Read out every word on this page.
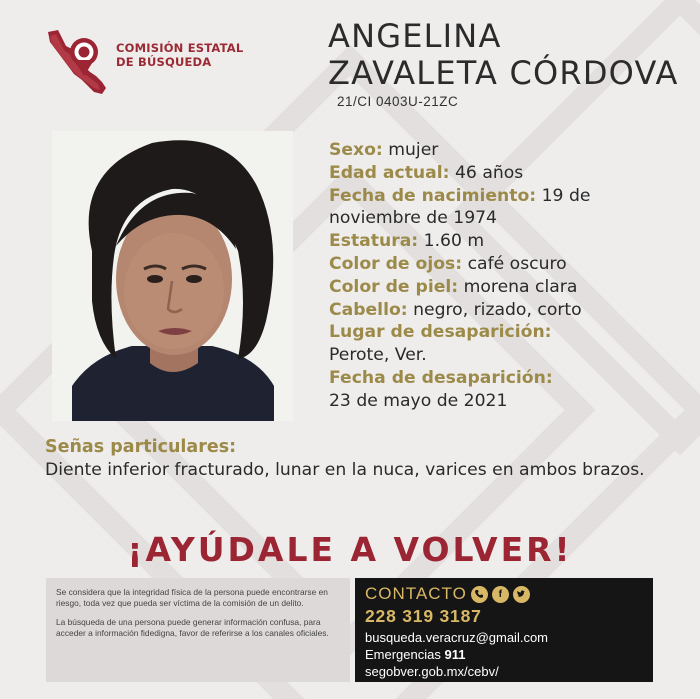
COMISIÓN ESTATAL
DE BÚSQUEDA
ANGELINA
ZAVALETA CÓRDOVA
21/CI 0403U-21ZC
Sexo: mujer
Edad actual: 46 años
Fecha de nacimiento: 19 de noviembre de 1974
Estatura: 1.60 m
Color de ojos: café oscuro
Color de piel: morena clara
Cabello: negro, rizado, corto
Lugar de desaparición:
Perote, Ver.
Fecha de desaparición:
23 de mayo de 2021
Señas particulares:
Diente inferior fracturado, lunar en la nuca, varices en ambos brazos.
¡AYÚDALE A VOLVER!

Se considera que la integridad física de la persona puede encontrarse en riesgo, toda vez que pueda ser víctima de la comisión de un delito.

La búsqueda de una persona puede generar información confusa, para acceder a información fidedigna, favor de referirse a los canales oficiales.

CONTACTO	f
228 319 3187
busqueda.veracruz@gmail.com
Emergencias 911
segobver.gob.mx/cebv/
